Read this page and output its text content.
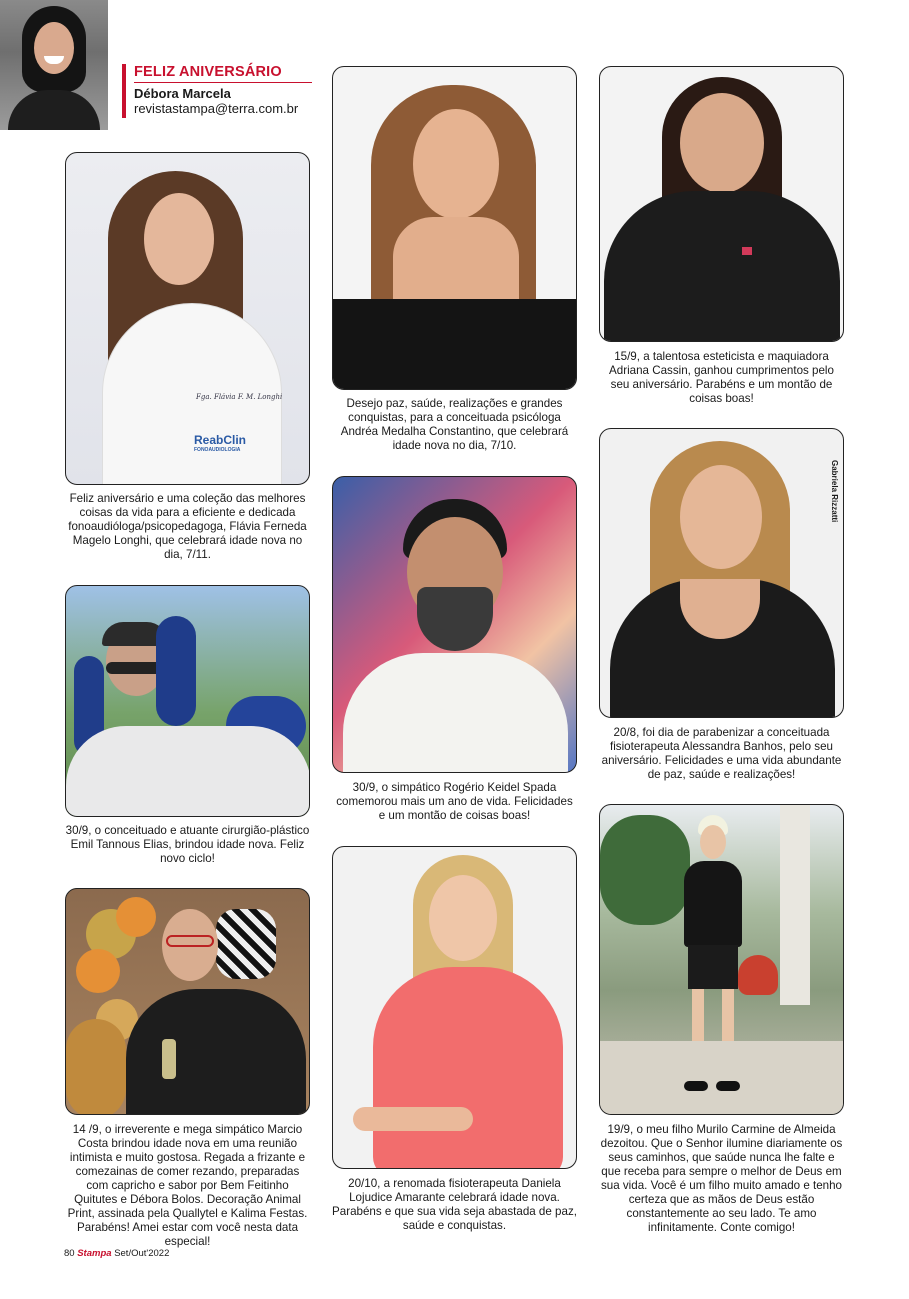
FELIZ ANIVERSÁRIO
Débora Marcela
revistastampa@terra.com.br
Fga. Flávia F. M. Longhi
ReabClin
FONOAUDIOLOGIA
Feliz aniversário e uma coleção das melhores coisas da vida para a eficiente e dedicada fonoaudióloga/psicopedagoga, Flávia Ferneda Magelo Longhi, que celebrará idade nova no dia, 7/11.
30/9, o conceituado e atuante cirurgião-plástico Emil Tannous Elias, brindou idade nova. Feliz novo ciclo!
14 /9, o irreverente e mega simpático Marcio Costa brindou idade nova em uma reunião intimista e muito gostosa. Regada a frizante e comezainas de comer rezando, preparadas com capricho e sabor por Bem Feitinho Quitutes e Débora Bolos. Decoração Animal Print, assinada pela Quallytel e Kalima Festas. Parabéns! Amei estar com você nesta data especial!
Desejo paz, saúde, realizações e grandes conquistas, para a conceituada psicóloga Andréa Medalha Constantino, que celebrará idade nova no dia, 7/10.
30/9, o simpático Rogério Keidel Spada comemorou mais um ano de vida. Felicidades e um montão de coisas boas!
20/10, a renomada fisioterapeuta Daniela Lojudice Amarante celebrará idade nova. Parabéns e que sua vida seja abastada de paz, saúde e conquistas.
15/9, a talentosa esteticista e maquiadora Adriana Cassin, ganhou cumprimentos pelo seu aniversário. Parabéns e um montão de coisas boas!
Gabriela Rizzatti
20/8, foi dia de parabenizar a conceituada fisioterapeuta Alessandra Banhos, pelo seu aniversário. Felicidades e uma vida abundante de paz, saúde e realizações!
19/9, o meu filho Murilo Carmine de Almeida dezoitou. Que o Senhor ilumine diariamente os seus caminhos, que saúde nunca lhe falte e que receba para sempre o melhor de Deus em sua vida. Você é um filho muito amado e tenho certeza que as mãos de Deus estão constantemente ao seu lado. Te amo infinitamente. Conte comigo!
80 Stampa Set/Out'2022
